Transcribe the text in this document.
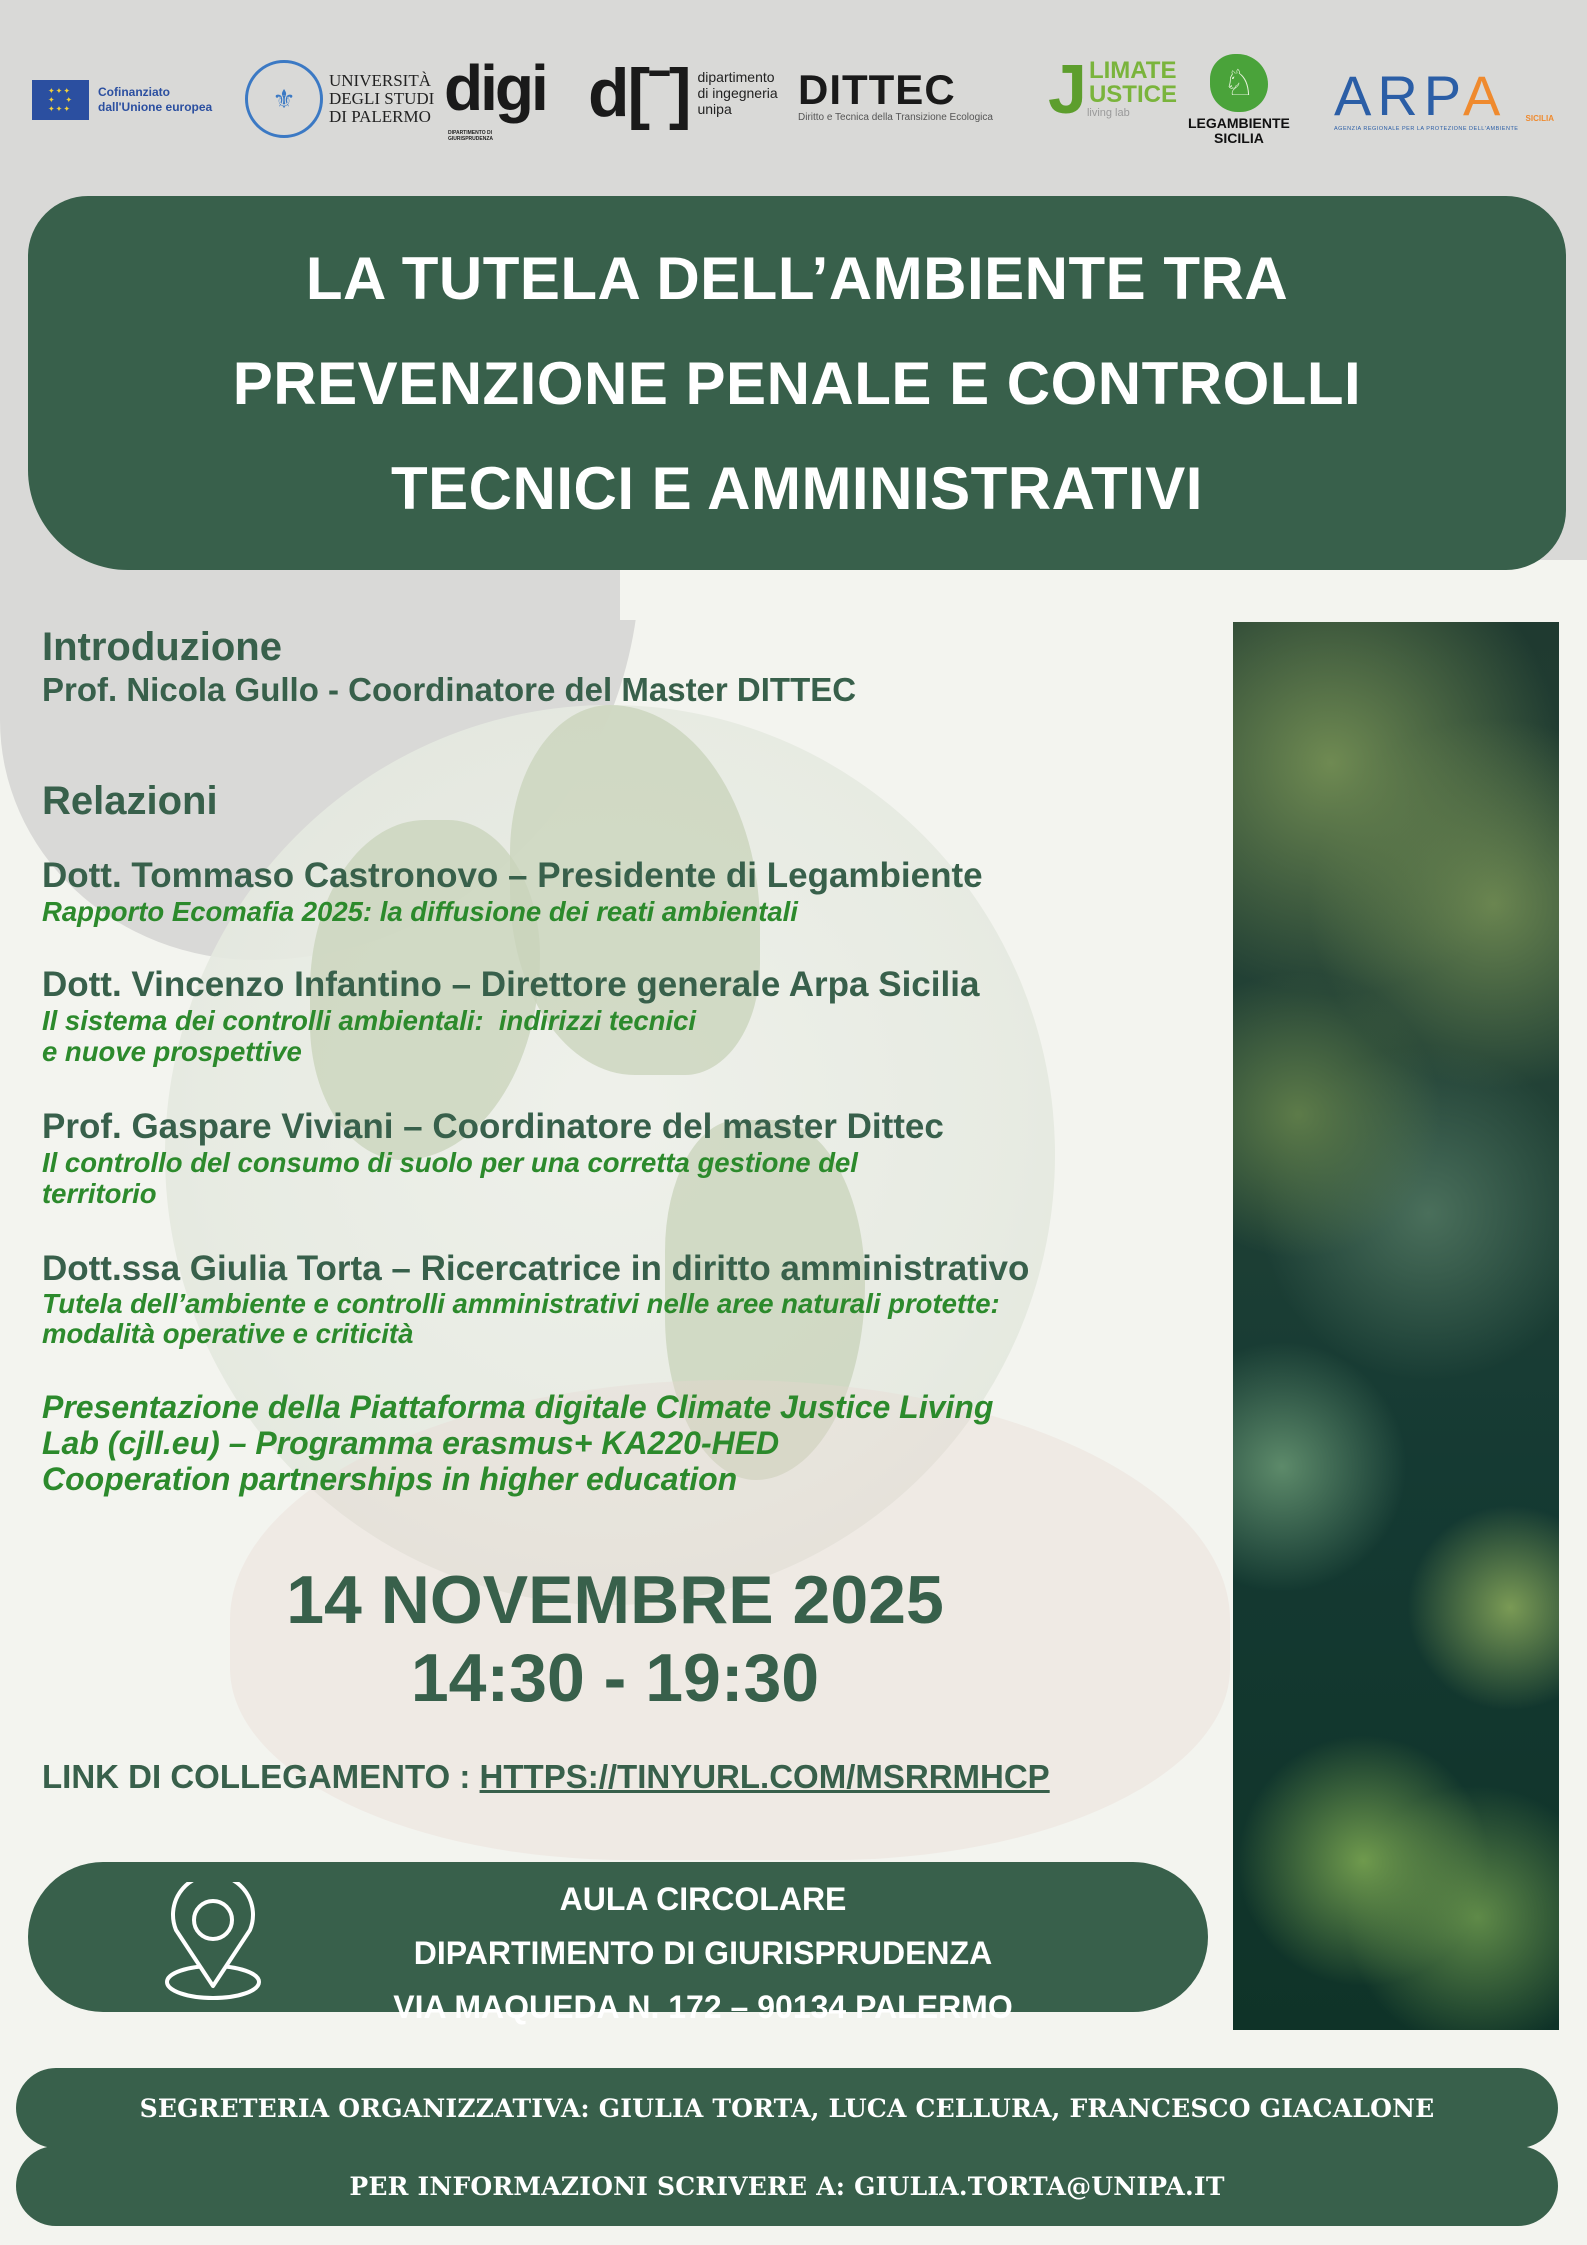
✦✦✦
✦   ✦
✦✦✦
Cofinanziato
dall'Unione europea	⚜
UNIVERSITÀ
DEGLI STUDI
DI PALERMO digi
DIPARTIMENTO DI GIURISPRUDENZA
d[ˉ] dipartimento
di ingegneria
unipa	DITTEC
Diritto e Tecnica della Transizione Ecologica J LIMATE
USTICE
living lab
♘
LEGAMBIENTE
SICILIA
ARPA SICILIA
AGENZIA REGIONALE PER LA PROTEZIONE DELL'AMBIENTE
LA TUTELA DELL’AMBIENTE TRA
PREVENZIONE PENALE E CONTROLLI
TECNICI E AMMINISTRATIVI
Introduzione
Prof. Nicola Gullo - Coordinatore del Master DITTEC
Relazioni
Dott. Tommaso Castronovo – Presidente di Legambiente
Rapporto Ecomafia 2025: la diffusione dei reati ambientali
Dott. Vincenzo Infantino – Direttore generale Arpa Sicilia
Il sistema dei controlli ambientali:  indirizzi tecnici
e nuove prospettive
Prof. Gaspare Viviani – Coordinatore del master Dittec
Il controllo del consumo di suolo per una corretta gestione del
territorio
Dott.ssa Giulia Torta – Ricercatrice in diritto amministrativo
Tutela dell’ambiente e controlli amministrativi nelle aree naturali protette:
modalità operative e criticità
Presentazione della Piattaforma digitale Climate Justice Living
Lab (cjll.eu) – Programma erasmus+ KA220-HED
Cooperation partnerships in higher education
14 NOVEMBRE 2025
14:30 - 19:30
LINK DI COLLEGAMENTO : HTTPS://TINYURL.COM/MSRRMHCP
AULA CIRCOLARE
DIPARTIMENTO DI GIURISPRUDENZA
VIA MAQUEDA N. 172 – 90134 PALERMO
SEGRETERIA ORGANIZZATIVA: GIULIA TORTA, LUCA CELLURA, FRANCESCO GIACALONE
PER INFORMAZIONI SCRIVERE A: GIULIA.TORTA@UNIPA.IT
